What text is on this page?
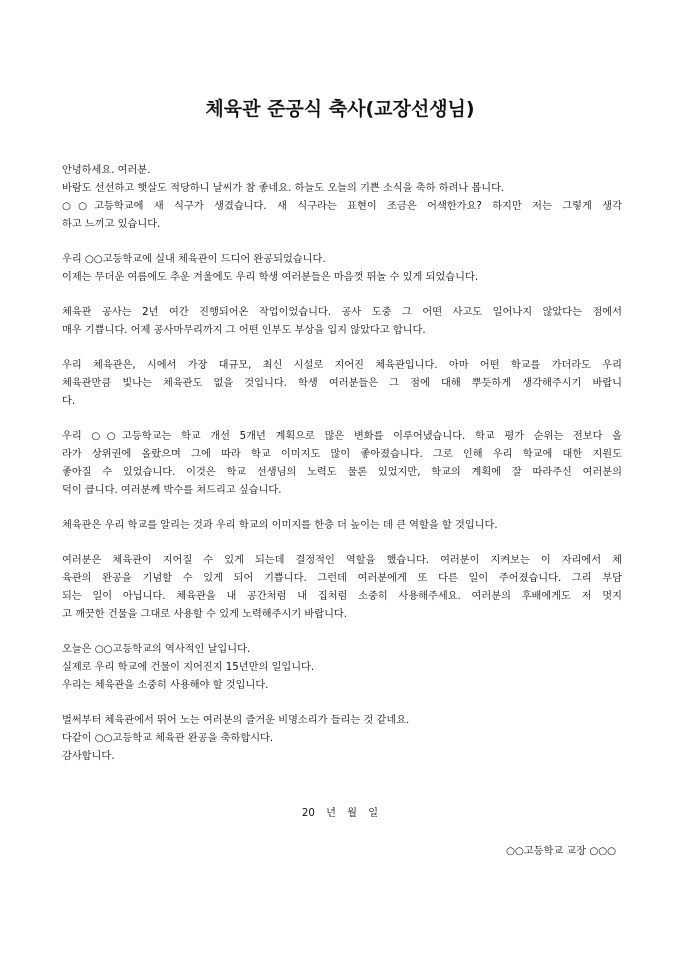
체육관 준공식 축사(교장선생님)
안녕하세요. 여러분.
바람도 선선하고 햇살도 적당하니 날씨가 참 좋네요. 하늘도 오늘의 기쁜 소식을 축하 하려나 봅니다.
○○고등학교에 새 식구가 생겼습니다. 새 식구라는 표현이 조금은 어색한가요? 하지만 저는 그렇게 생각
하고 느끼고 있습니다.
우리 ○○고등학교에 실내 체육관이 드디어 완공되었습니다.
이제는 무더운 여름에도 추운 겨울에도 우리 학생 여러분들은 마음껏 뛰놀 수 있게 되었습니다.
체육관 공사는 2년 여간 진행되어온 작업이었습니다. 공사 도중 그 어떤 사고도 일어나지 않았다는 점에서
매우 기쁩니다. 어제 공사마무리까지 그 어떤 인부도 부상을 입지 않았다고 합니다.
우리 체육관은, 시에서 가장 대규모, 최신 시설로 지어진 체육관입니다. 아마 어떤 학교를 가더라도 우리
체육관만큼 빛나는 체육관도 없을 것입니다. 학생 여러분들은 그 점에 대해 뿌듯하게 생각해주시기 바랍니
다.
우리 ○○고등학교는 학교 개선 5개년 계획으로 많은 변화를 이루어냈습니다. 학교 평가 순위는 전보다 올
라가 상위권에 올랐으며 그에 따라 학교 이미지도 많이 좋아졌습니다. 그로 인해 우리 학교에 대한 지원도
좋아질 수 있었습니다. 이것은 학교 선생님의 노력도 물론 있었지만, 학교의 계획에 잘 따라주신 여러분의
덕이 큽니다. 여러분께 박수를 쳐드리고 싶습니다.
체육관은 우리 학교를 알리는 것과 우리 학교의 이미지를 한층 더 높이는 데 큰 역할을 할 것입니다.
여러분은 체육관이 지어질 수 있게 되는데 결정적인 역할을 했습니다. 여러분이 지켜보는 이 자리에서 체
육관의 완공을 기념할 수 있게 되어 기쁩니다. 그런데 여러분에게 또 다른 일이 주어졌습니다. 그리 부담
되는 일이 아닙니다. 체육관을 내 공간처럼 내 집처럼 소중히 사용해주세요. 여러분의 후배에게도 저 멋지
고 깨끗한 건물을 그대로 사용할 수 있게 노력해주시기 바랍니다.
오늘은 ○○고등학교의 역사적인 날입니다.
실제로 우리 학교에 건물이 지어진지 15년만의 일입니다.
우리는 체육관을 소중히 사용해야 할 것입니다.
벌써부터 체육관에서 뛰어 노는 여러분의 즐거운 비명소리가 들리는 것 같네요.
다같이 ○○고등학교 체육관 완공을 축하합시다.
감사합니다.
20 년 월 일
○○고등학교 교장 ○○○
